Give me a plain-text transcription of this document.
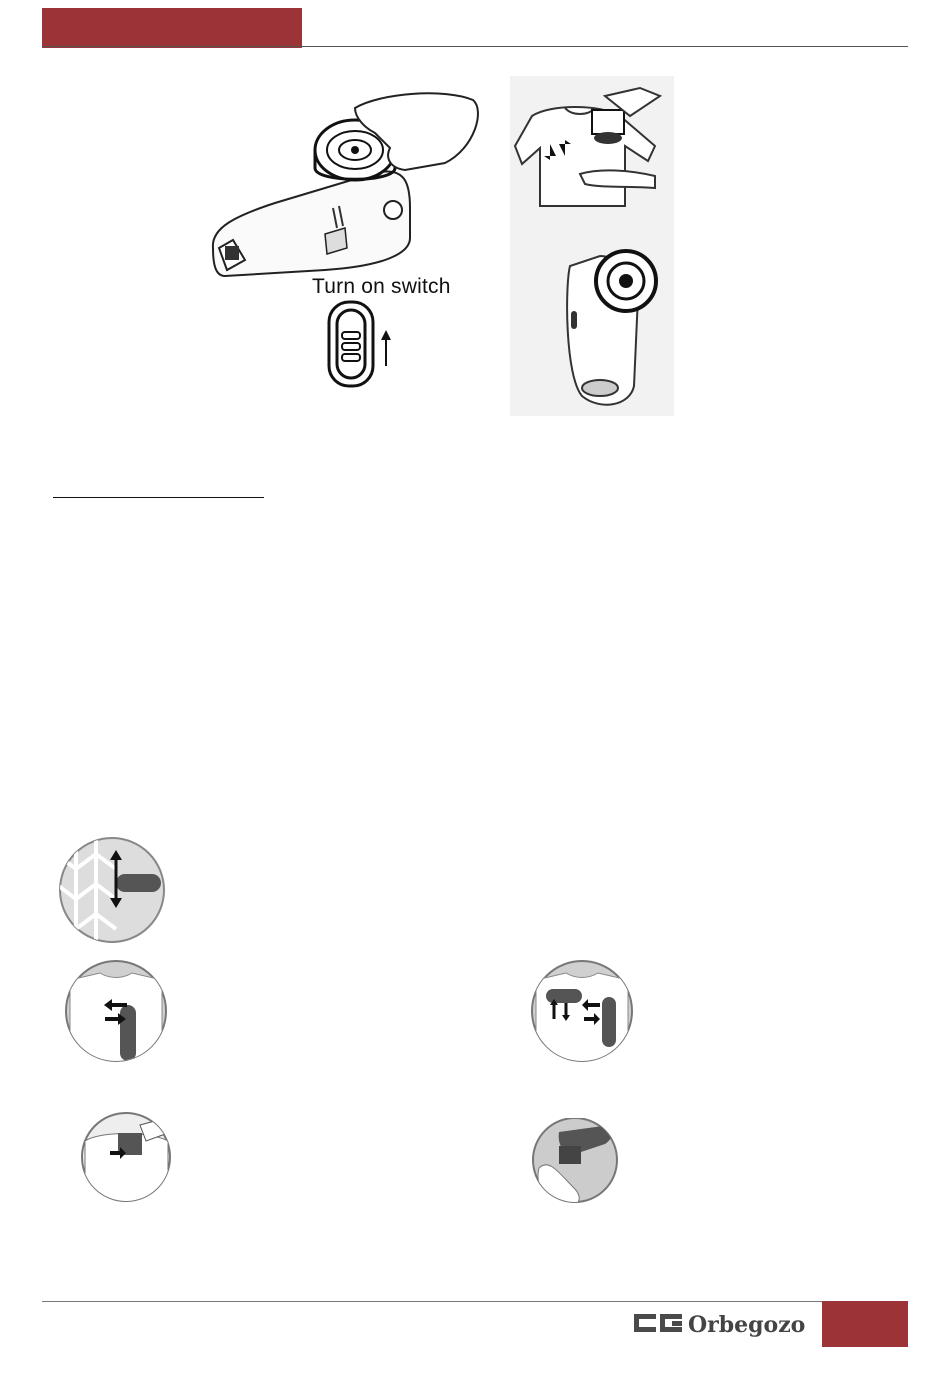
Turn on switch
Orbegozo
